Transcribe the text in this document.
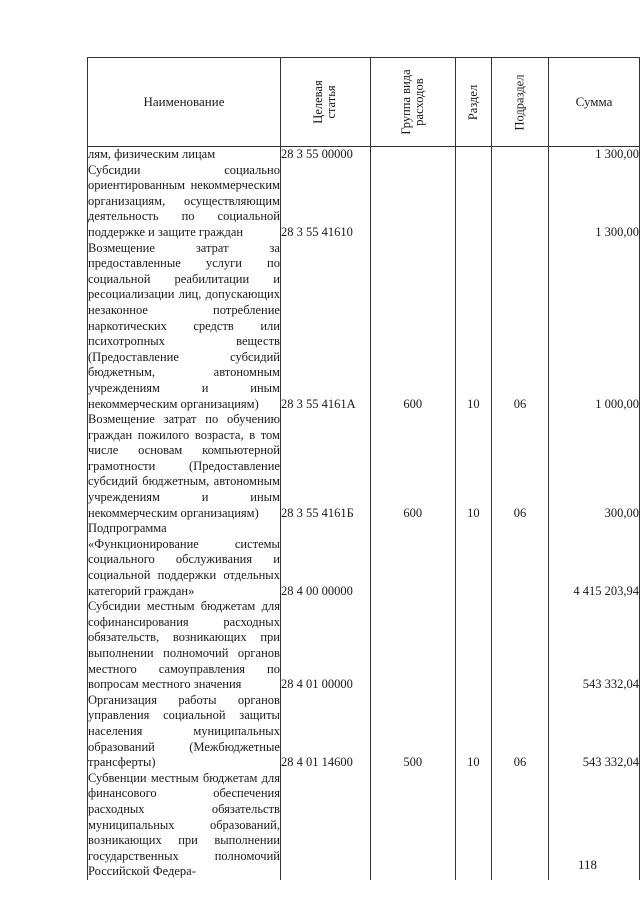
Наименование	Целевая статья	Группа вида расходов	Раздел	Подраздел	Сумма
лям, физическим лицам	28 3 55 00000				1 300,00
Субсидии социально ориентированным некоммерческим организациям, осуществляющим деятельность по социальной поддержке и защите граждан	28 3 55 41610				1 300,00
Возмещение затрат за предоставленные услуги по социальной реабилитации и ресоциализации лиц, допускающих незаконное потребление наркотических средств или психотропных веществ (Предоставление субсидий бюджетным, автономным учреждениям и иным некоммерческим организациям)	28 3 55 4161А	600	10	06	1 000,00
Возмещение затрат по обучению граждан пожилого возраста, в том числе основам компьютерной грамотности (Предоставление субсидий бюджетным, автономным учреждениям и иным некоммерческим организациям)	28 3 55 4161Б	600	10	06	300,00
Подпрограмма «Функционирование системы социального обслуживания и социальной поддержки отдельных категорий граждан»	28 4 00 00000				4 415 203,94
Субсидии местным бюджетам для софинансирования расходных обязательств, возникающих при выполнении полномочий органов местного самоуправления по вопросам местного значения	28 4 01 00000				543 332,04
Организация работы органов управления социальной защиты населения муниципальных образований (Межбюджетные трансферты)	28 4 01 14600	500	10	06	543 332,04
Субвенции местным бюджетам для финансового обеспечения расходных обязательств муниципальных образований, возникающих при выполнении государственных полномочий Российской Федера-						118
